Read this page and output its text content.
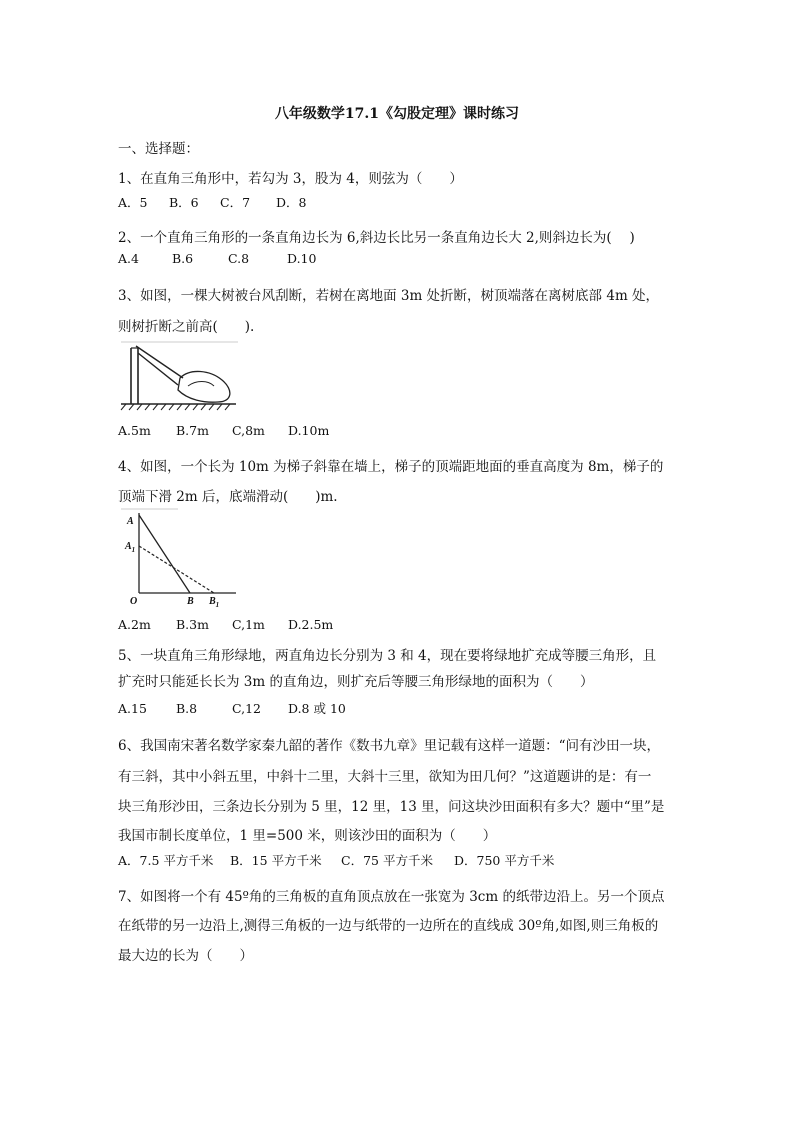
八年级数学17.1《勾股定理》课时练习
一、选择题：
1、在直角三角形中，若勾为 3，股为 4，则弦为（　　）
A．5 B．6 C．7 D．8
2、一个直角三角形的一条直角边长为 6,斜边长比另一条直角边长大 2,则斜边长为(　 )
A.4	B.6	C.8	D.10
3、如图，一棵大树被台风刮断，若树在离地面 3m 处折断，树顶端落在离树底部 4m 处，
则树折断之前高(　　).
A.5m B.7m C,8m D.10m
4、如图，一个长为 10m 为梯子斜靠在墙上，梯子的顶端距地面的垂直高度为 8m，梯子的
顶端下滑 2m 后，底端滑动(　　)m.
A
$A_1$
O	B $B_1$
A.2m B.3m C,1m D.2.5m
5、一块直角三角形绿地，两直角边长分别为 3 和 4，现在要将绿地扩充成等腰三角形，且
扩充时只能延长长为 3m 的直角边，则扩充后等腰三角形绿地的面积为（　　）
A.15 B.8	C,12 D.8 或 10
6、我国南宋著名数学家秦九韶的著作《数书九章》里记载有这样一道题：“问有沙田一块，
有三斜，其中小斜五里，中斜十二里，大斜十三里，欲知为田几何？”这道题讲的是：有一
块三角形沙田，三条边长分别为 5 里，12 里，13 里，问这块沙田面积有多大？题中“里”是
我国市制长度单位，1 里=500 米，则该沙田的面积为（　　）
A．7.5 平方千米 B．15 平方千米 C．75 平方千米 D．750 平方千米
7、如图将一个有 45º角的三角板的直角顶点放在一张宽为 3cm 的纸带边沿上。另一个顶点
在纸带的另一边沿上,测得三角板的一边与纸带的一边所在的直线成 30º角,如图,则三角板的
最大边的长为（　　）
